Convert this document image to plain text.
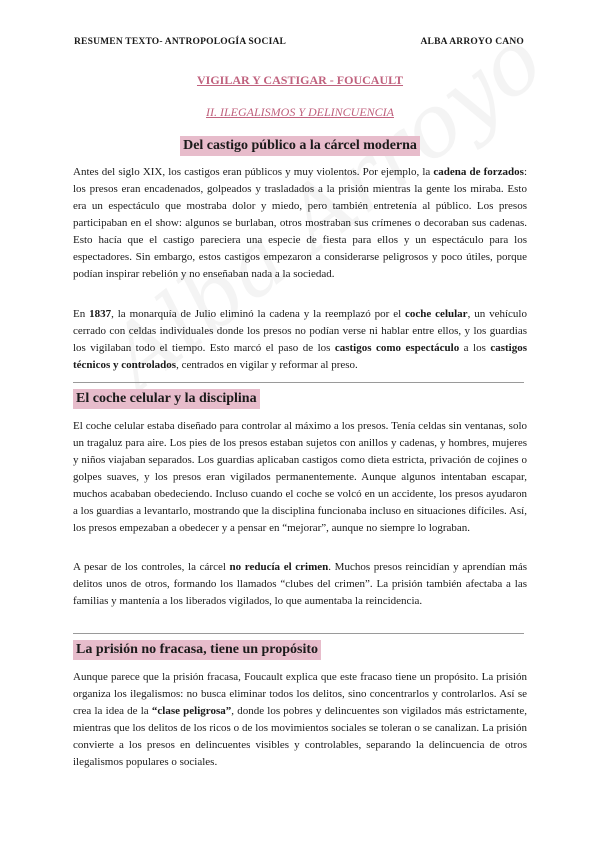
RESUMEN TEXTO- ANTROPOLOGÍA SOCIAL	ALBA ARROYO CANO
VIGILAR Y CASTIGAR - FOUCAULT
II. ILEGALISMOS Y DELINCUENCIA
Del castigo público a la cárcel moderna

Antes del siglo XIX, los castigos eran públicos y muy violentos. Por ejemplo, la cadena de forzados: los presos eran encadenados, golpeados y trasladados a la prisión mientras la gente los miraba. Esto era un espectáculo que mostraba dolor y miedo, pero también entretenía al público. Los presos participaban en el show: algunos se burlaban, otros mostraban sus crímenes o decoraban sus cadenas. Esto hacía que el castigo pareciera una especie de fiesta para ellos y un espectáculo para los espectadores. Sin embargo, estos castigos empezaron a considerarse peligrosos y poco útiles, porque podían inspirar rebelión y no enseñaban nada a la sociedad.

En 1837, la monarquía de Julio eliminó la cadena y la reemplazó por el coche celular, un vehículo cerrado con celdas individuales donde los presos no podían verse ni hablar entre ellos, y los guardias los vigilaban todo el tiempo. Esto marcó el paso de los castigos como espectáculo a los castigos técnicos y controlados, centrados en vigilar y reformar al preso.

El coche celular y la disciplina

El coche celular estaba diseñado para controlar al máximo a los presos. Tenía celdas sin ventanas, solo un tragaluz para aire. Los pies de los presos estaban sujetos con anillos y cadenas, y hombres, mujeres y niños viajaban separados. Los guardias aplicaban castigos como dieta estricta, privación de cojines o golpes suaves, y los presos eran vigilados permanentemente. Aunque algunos intentaban escapar, muchos acababan obedeciendo. Incluso cuando el coche se volcó en un accidente, los presos ayudaron a los guardias a levantarlo, mostrando que la disciplina funcionaba incluso en situaciones difíciles. Así, los presos empezaban a obedecer y a pensar en “mejorar”, aunque no siempre lo lograban.

A pesar de los controles, la cárcel no reducía el crimen. Muchos presos reincidían y aprendían más delitos unos de otros, formando los llamados “clubes del crimen”. La prisión también afectaba a las familias y mantenía a los liberados vigilados, lo que aumentaba la reincidencia.

La prisión no fracasa, tiene un propósito

Aunque parece que la prisión fracasa, Foucault explica que este fracaso tiene un propósito. La prisión organiza los ilegalismos: no busca eliminar todos los delitos, sino concentrarlos y controlarlos. Así se crea la idea de la “clase peligrosa”, donde los pobres y delincuentes son vigilados más estrictamente, mientras que los delitos de los ricos o de los movimientos sociales se toleran o se canalizan. La prisión convierte a los presos en delincuentes visibles y controlables, separando la delincuencia de otros ilegalismos populares o sociales.
